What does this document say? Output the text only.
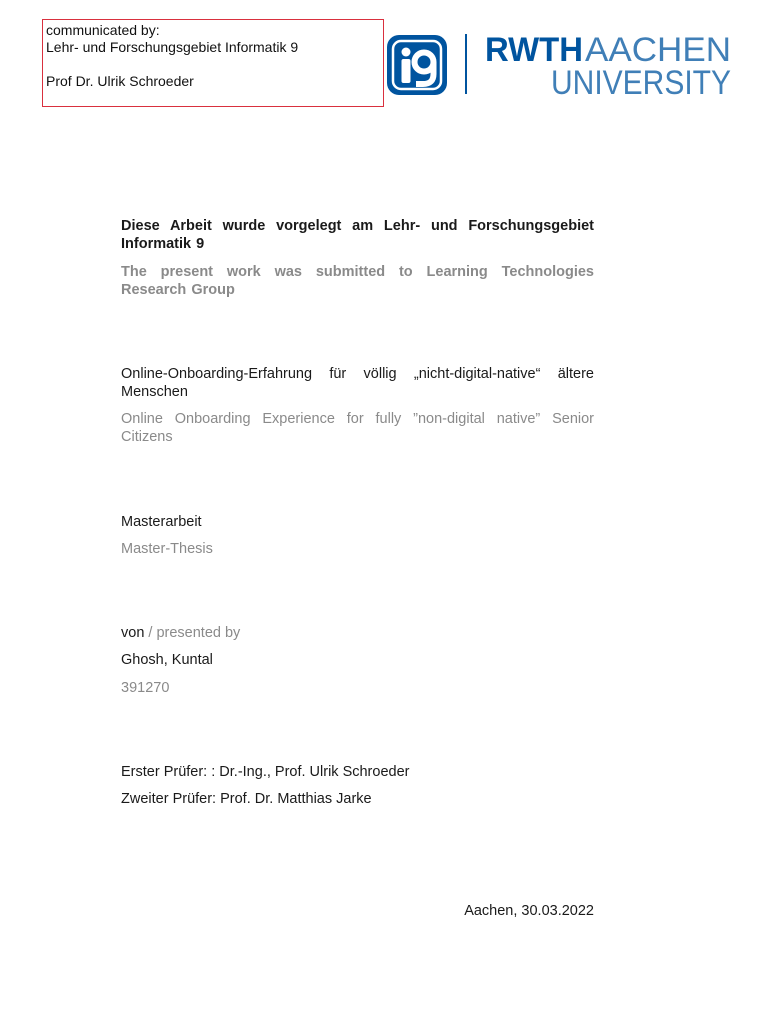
communicated by:
Lehr- und Forschungsgebiet Informatik 9
Prof Dr. Ulrik Schroeder
RWTH AACHEN
UNIVERSITY
Diese Arbeit wurde vorgelegt am Lehr- und Forschungsgebiet Informatik 9
The present work was submitted to Learning Technologies Research Group
Online-Onboarding-Erfahrung für völlig „nicht-digital-native“ ältere Menschen
Online Onboarding Experience for fully ”non-digital native” Senior Citizens
Masterarbeit
Master-Thesis
von / presented by
Ghosh, Kuntal
391270
Erster Prüfer: : Dr.-Ing., Prof. Ulrik Schroeder
Zweiter Prüfer: Prof. Dr. Matthias Jarke
Aachen, 30.03.2022
